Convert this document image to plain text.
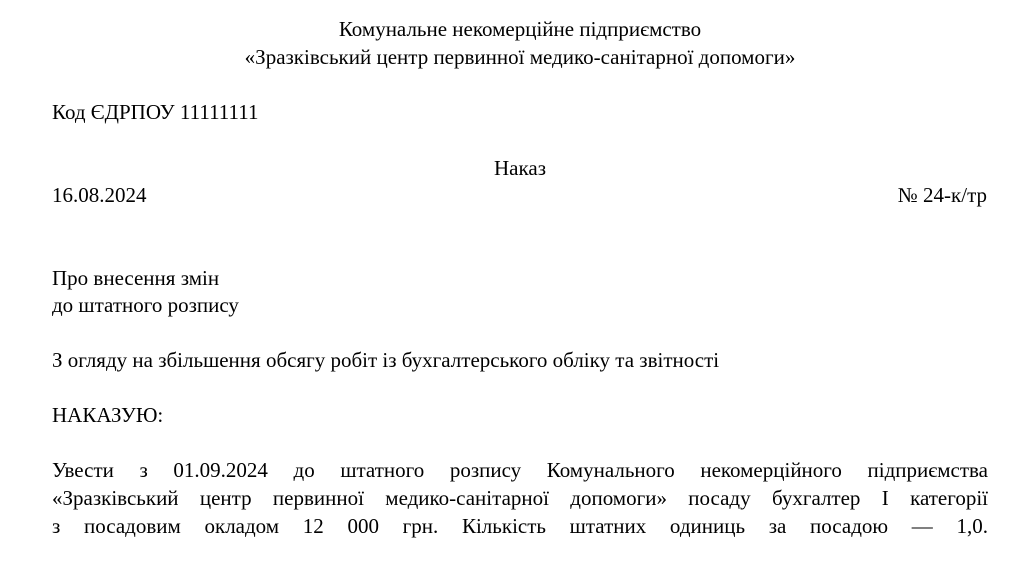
Комунальне некомерційне підприємство
«Зразківський центр первинної медико-санітарної допомоги»
Код ЄДРПОУ 11111111
Наказ
16.08.2024	№ 24-к/тр
Про внесення змін
до штатного розпису
З огляду на збільшення обсягу робіт із бухгалтерського обліку та звітності
НАКАЗУЮ:
Увести з 01.09.2024 до штатного розпису Комунального некомерційного підприємства
«Зразківський центр первинної медико-санітарної допомоги» посаду бухгалтер І категорії
з посадовим окладом 12 000 грн. Кількість штатних одиниць за посадою — 1,0.
